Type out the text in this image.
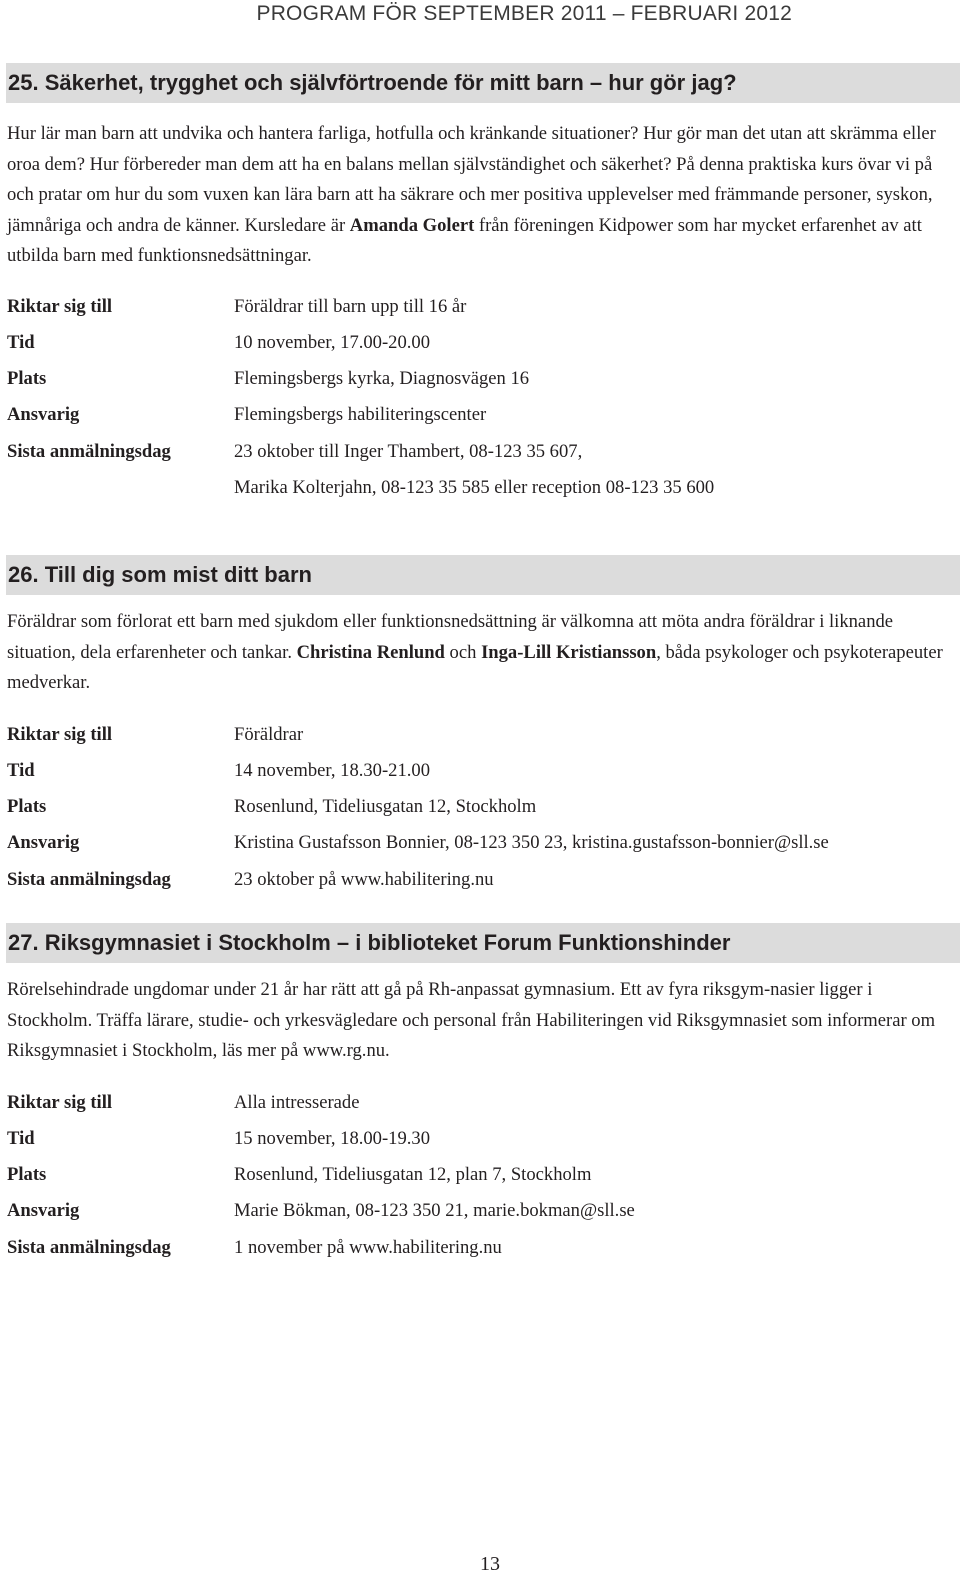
PROGRAM FÖR SEPTEMBER 2011 – FEBRUARI 2012
25. Säkerhet, trygghet och självförtroende för mitt barn – hur gör jag?
Hur lär man barn att undvika och hantera farliga, hotfulla och kränkande situationer? Hur gör man det utan att skrämma eller oroa dem? Hur förbereder man dem att ha en balans mellan självständighet och säkerhet? På denna praktiska kurs övar vi på och pratar om hur du som vuxen kan lära barn att ha säkrare och mer positiva upplevelser med främmande personer, syskon, jämnåriga och andra de känner. Kursledare är Amanda Golert från föreningen Kidpower som har mycket erfarenhet av att utbilda barn med funktionsnedsättningar.
Riktar sig till	Föräldrar till barn upp till 16 år
Tid	10 november, 17.00-20.00
Plats	Flemingsbergs kyrka, Diagnosvägen 16
Ansvarig	Flemingsbergs habiliteringscenter
Sista anmälningsdag	23 oktober till Inger Thambert, 08-123 35 607,
Marika Kolterjahn, 08-123 35 585 eller reception 08-123 35 600
26. Till dig som mist ditt barn
Föräldrar som förlorat ett barn med sjukdom eller funktionsnedsättning är välkomna att möta andra föräldrar i liknande situation, dela erfarenheter och tankar. Christina Renlund och Inga-Lill Kristiansson, båda psykologer och psykoterapeuter medverkar.
Riktar sig till	Föräldrar
Tid	14 november, 18.30-21.00
Plats	Rosenlund, Tideliusgatan 12, Stockholm
Ansvarig	Kristina Gustafsson Bonnier, 08-123 350 23, kristina.gustafsson-bonnier@sll.se
Sista anmälningsdag	23 oktober på www.habilitering.nu
27. Riksgymnasiet i Stockholm – i biblioteket Forum Funktionshinder
Rörelsehindrade ungdomar under 21 år har rätt att gå på Rh-anpassat gymnasium. Ett av fyra riksgym-nasier ligger i Stockholm. Träffa lärare, studie- och yrkesvägledare och personal från Habiliteringen vid Riksgymnasiet som informerar om Riksgymnasiet i Stockholm, läs mer på www.rg.nu.
Riktar sig till	Alla intresserade
Tid	15 november, 18.00-19.30
Plats	Rosenlund, Tideliusgatan 12, plan 7, Stockholm
Ansvarig	Marie Bökman, 08-123 350 21, marie.bokman@sll.se
Sista anmälningsdag	1 november på www.habilitering.nu
13
